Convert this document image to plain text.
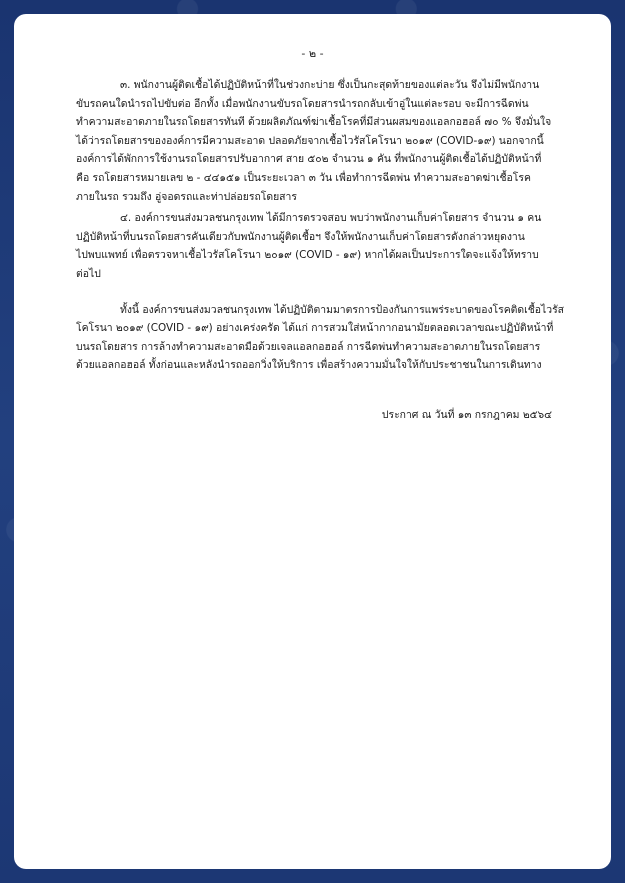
- ๒ -
๓. พนักงานผู้ติดเชื้อได้ปฏิบัติหน้าที่ในช่วงกะบ่าย ซึ่งเป็นกะสุดท้ายของแต่ละวัน จึงไม่มีพนักงาน
ขับรถคนใดนำรถไปขับต่อ อีกทั้ง เมื่อพนักงานขับรถโดยสารนำรถกลับเข้าอู่ในแต่ละรอบ จะมีการฉีดพ่น
ทำความสะอาดภายในรถโดยสารทันที ด้วยผลิตภัณฑ์ฆ่าเชื้อโรคที่มีส่วนผสมของแอลกอฮอล์ ๗๐ % จึงมั่นใจ
ได้ว่ารถโดยสารขององค์การมีความสะอาด ปลอดภัยจากเชื้อไวรัสโคโรนา ๒๐๑๙ (COVID-๑๙) นอกจากนี้
องค์การได้พักการใช้งานรถโดยสารปรับอากาศ สาย ๕๐๒ จำนวน ๑ คัน ที่พนักงานผู้ติดเชื้อได้ปฏิบัติหน้าที่
คือ รถโดยสารหมายเลข ๒ - ๔๔๑๕๑ เป็นระยะเวลา ๓ วัน เพื่อทำการฉีดพ่น ทำความสะอาดฆ่าเชื้อโรค
ภายในรถ รวมถึง อู่จอดรถและท่าปล่อยรถโดยสาร
๔. องค์การขนส่งมวลชนกรุงเทพ ได้มีการตรวจสอบ พบว่าพนักงานเก็บค่าโดยสาร จำนวน ๑ คน
ปฏิบัติหน้าที่บนรถโดยสารคันเดียวกับพนักงานผู้ติดเชื้อฯ จึงให้พนักงานเก็บค่าโดยสารดังกล่าวหยุดงาน
ไปพบแพทย์ เพื่อตรวจหาเชื้อไวรัสโคโรนา ๒๐๑๙ (COVID - ๑๙) หากได้ผลเป็นประการใดจะแจ้งให้ทราบ
ต่อไป
ทั้งนี้ องค์การขนส่งมวลชนกรุงเทพ ได้ปฏิบัติตามมาตรการป้องกันการแพร่ระบาดของโรคติดเชื้อไวรัส
โคโรนา ๒๐๑๙ (COVID - ๑๙) อย่างเคร่งครัด ได้แก่ การสวมใส่หน้ากากอนามัยตลอดเวลาขณะปฏิบัติหน้าที่
บนรถโดยสาร การล้างทำความสะอาดมือด้วยเจลแอลกอฮอล์ การฉีดพ่นทำความสะอาดภายในรถโดยสาร
ด้วยแอลกอฮอล์ ทั้งก่อนและหลังนำรถออกวิ่งให้บริการ เพื่อสร้างความมั่นใจให้กับประชาชนในการเดินทาง
ประกาศ ณ วันที่ ๑๓ กรกฎาคม ๒๕๖๔
